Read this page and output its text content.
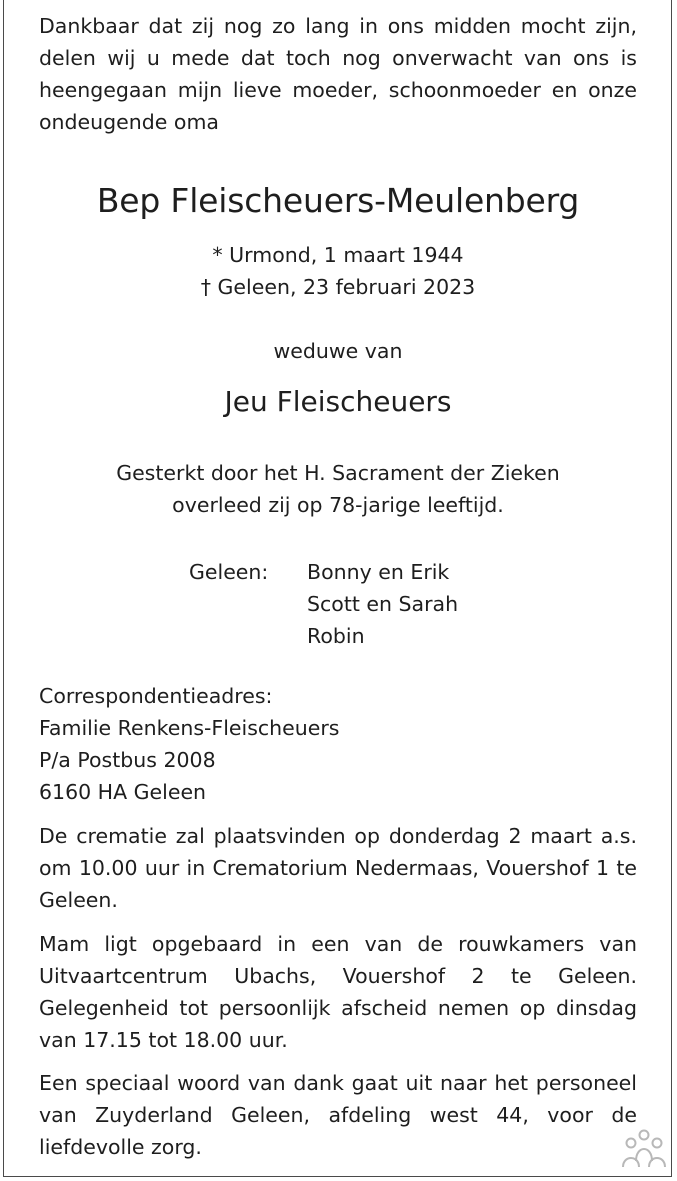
Dankbaar dat zij nog zo lang in ons midden mocht zijn, delen wij u mede dat toch nog onverwacht van ons is heengegaan mijn lieve moeder, schoonmoeder en onze ondeugende oma

Bep Fleischeuers-Meulenberg

* Urmond, 1 maart 1944

† Geleen, 23 februari 2023

weduwe van

Jeu Fleischeuers

Gesterkt door het H. Sacrament der Zieken

overleed zij op 78-jarige leeftijd.

Geleen: Bonny en Erik
Scott en Sarah
Robin

Correspondentieadres:

Familie Renkens-Fleischeuers

P/a Postbus 2008

6160 HA Geleen

De crematie zal plaatsvinden op donderdag 2 maart a.s. om 10.00 uur in Crematorium Nedermaas, Vouershof 1 te Geleen.

Mam ligt opgebaard in een van de rouwkamers van Uitvaartcentrum Ubachs, Vouershof 2 te Geleen. Gelegenheid tot persoonlijk afscheid nemen op dinsdag van 17.15 tot 18.00 uur.

Een speciaal woord van dank gaat uit naar het personeel van Zuyderland Geleen, afdeling west 44, voor de liefdevolle zorg.
